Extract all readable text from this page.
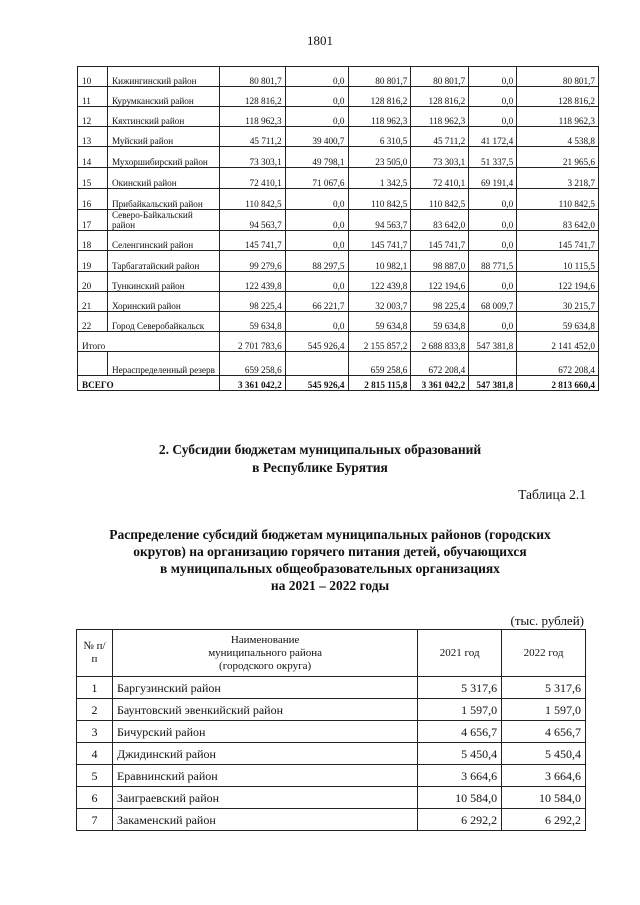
1801
10	Кижингинский район	80 801,7	0,0	80 801,7	80 801,7	0,0	80 801,7
11	Курумканский район	128 816,2	0,0	128 816,2	128 816,2	0,0	128 816,2
12	Кяхтинский район	118 962,3	0,0	118 962,3	118 962,3	0,0	118 962,3
13	Муйский район	45 711,2	39 400,7	6 310,5	45 711,2	41 172,4	4 538,8
14	Мухоршибирский район	73 303,1	49 798,1	23 505,0	73 303,1	51 337,5	21 965,6
15	Окинский район	72 410,1	71 067,6	1 342,5	72 410,1	69 191,4	3 218,7
16	Прибайкальский район	110 842,5	0,0	110 842,5	110 842,5	0,0	110 842,5
17	Северо-Байкальский район	94 563,7	0,0	94 563,7	83 642,0	0,0	83 642,0
18	Селенгинский район	145 741,7	0,0	145 741,7	145 741,7	0,0	145 741,7
19	Тарбагатайский район	99 279,6	88 297,5	10 982,1	98 887,0	88 771,5	10 115,5
20	Тункинский район	122 439,8	0,0	122 439,8	122 194,6	0,0	122 194,6
21	Хоринский район	98 225,4	66 221,7	32 003,7	98 225,4	68 009,7	30 215,7
22	Город Северобайкальск	59 634,8	0,0	59 634,8	59 634,8	0,0	59 634,8
Итого		2 701 783,6	545 926,4	2 155 857,2	2 688 833,8	547 381,8	2 141 452,0
	Нераспределенный резерв	659 258,6		659 258,6	672 208,4		672 208,4
ВСЕГО		3 361 042,2	545 926,4	2 815 115,8	3 361 042,2	547 381,8	2 813 660,4
2. Субсидии бюджетам муниципальных образований
в Республике Бурятия
Таблица 2.1
Распределение субсидий бюджетам муниципальных районов (городских
округов) на организацию горячего питания детей, обучающихся
в муниципальных общеобразовательных организациях
на 2021 – 2022 годы
(тыс. рублей)
№ п/п	Наименование
муниципального района
(городского округа)	2021 год	2022 год
1	Баргузинский район	5 317,6	5 317,6
2	Баунтовский эвенкийский район	1 597,0	1 597,0
3	Бичурский район	4 656,7	4 656,7
4	Джидинский район	5 450,4	5 450,4
5	Еравнинский район	3 664,6	3 664,6
6	Заиграевский район	10 584,0	10 584,0
7	Закаменский район	6 292,2	6 292,2
